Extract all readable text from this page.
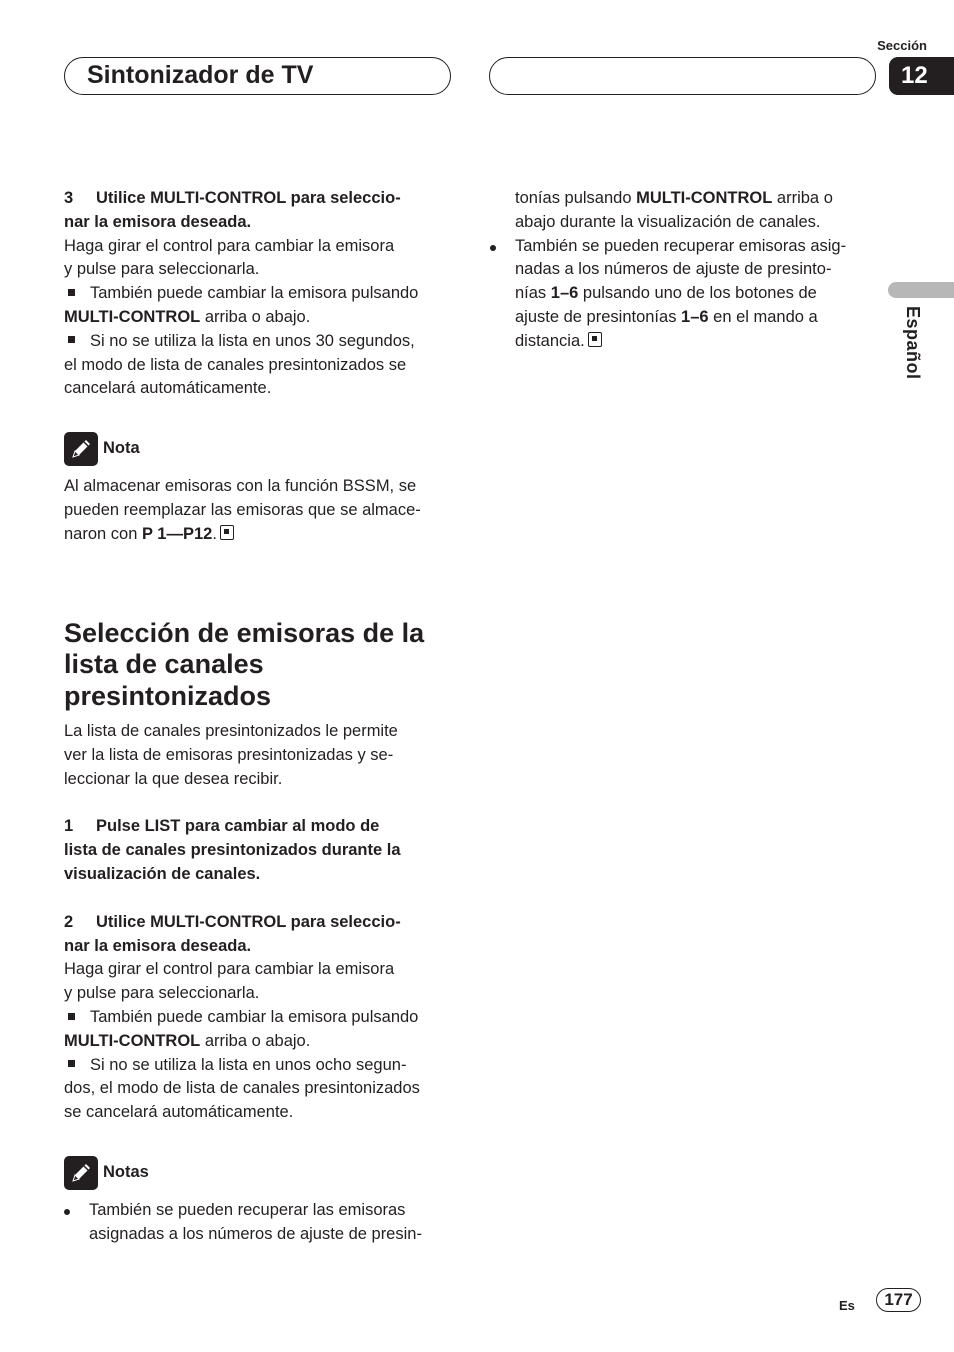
Sintonizador de TV
Sección
12
Español
3 Utilice MULTI-CONTROL para seleccio-
nar la emisora deseada.
Haga girar el control para cambiar la emisora
y pulse para seleccionarla.
También puede cambiar la emisora pulsando
MULTI-CONTROL arriba o abajo.
Si no se utiliza la lista en unos 30 segundos,
el modo de lista de canales presintonizados se
cancelará automáticamente.
Nota
Al almacenar emisoras con la función BSSM, se
pueden reemplazar las emisoras que se almace-
naron con P 1—P12.
Selección de emisoras de la
lista de canales
presintonizados
La lista de canales presintonizados le permite
ver la lista de emisoras presintonizadas y se-
leccionar la que desea recibir.
1 Pulse LIST para cambiar al modo de
lista de canales presintonizados durante la
visualización de canales.
2 Utilice MULTI-CONTROL para seleccio-
nar la emisora deseada.
Haga girar el control para cambiar la emisora
y pulse para seleccionarla.
También puede cambiar la emisora pulsando
MULTI-CONTROL arriba o abajo.
Si no se utiliza la lista en unos ocho segun-
dos, el modo de lista de canales presintonizados
se cancelará automáticamente.
Notas
También se pueden recuperar las emisoras
asignadas a los números de ajuste de presin-
tonías pulsando MULTI-CONTROL arriba o
abajo durante la visualización de canales.
También se pueden recuperar emisoras asig-
nadas a los números de ajuste de presinto-
nías 1–6 pulsando uno de los botones de
ajuste de presintonías 1–6 en el mando a
distancia.
Es	177
